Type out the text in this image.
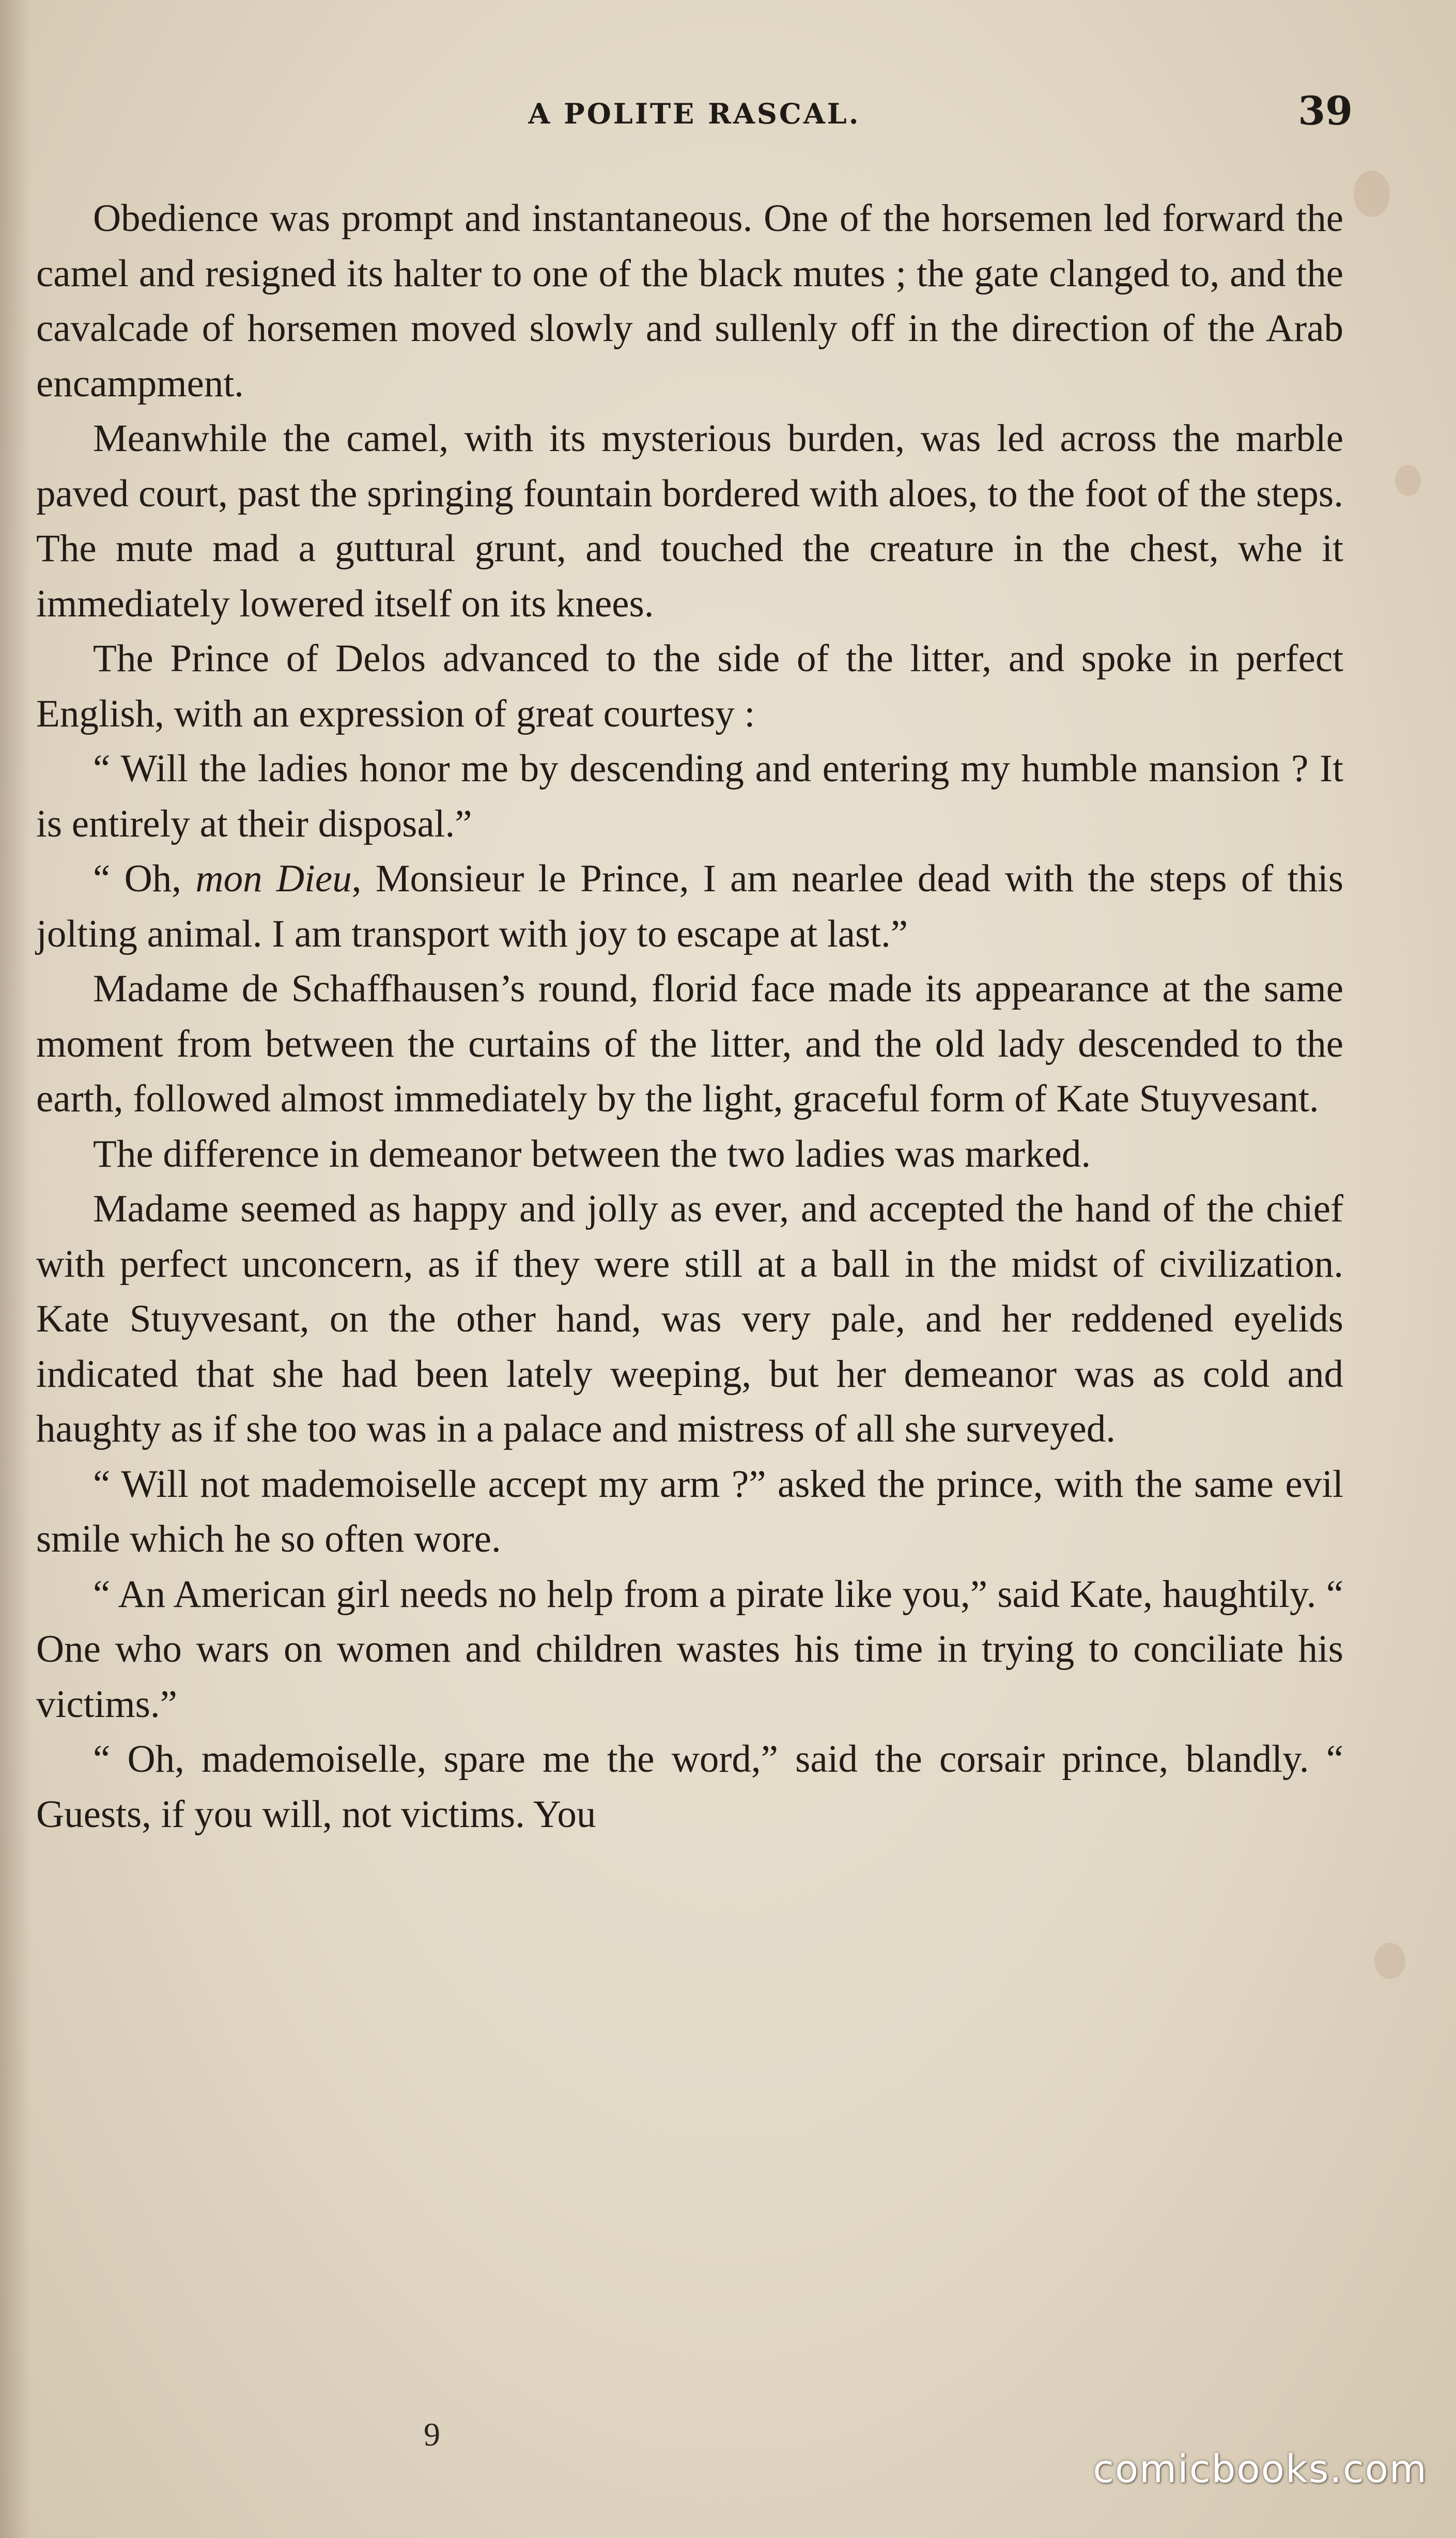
A POLITE RASCAL.	39

Obedience was prompt and instantaneous. One of the horsemen led forward the camel and resigned its halter to one of the black mutes ; the gate clanged to, and the cavalcade of horsemen moved slowly and sullenly off in the direction of the Arab encampment.

Meanwhile the camel, with its mysterious burden, was led across the marble paved court, past the springing fountain bordered with aloes, to the foot of the steps. The mute mad a guttural grunt, and touched the creature in the chest, whe it immediately lowered itself on its knees.

The Prince of Delos advanced to the side of the litter, and spoke in perfect English, with an expression of great courtesy :

“ Will the ladies honor me by descending and entering my humble mansion ? It is entirely at their disposal.”

“ Oh, mon Dieu, Monsieur le Prince, I am nearlee dead with the steps of this jolting animal. I am transport with joy to escape at last.”

Madame de Schaffhausen’s round, florid face made its appearance at the same moment from between the curtains of the litter, and the old lady descended to the earth, followed almost immediately by the light, graceful form of Kate Stuyvesant.

The difference in demeanor between the two ladies was marked.

Madame seemed as happy and jolly as ever, and accepted the hand of the chief with perfect unconcern, as if they were still at a ball in the midst of civilization. Kate Stuyvesant, on the other hand, was very pale, and her reddened eyelids indicated that she had been lately weeping, but her demeanor was as cold and haughty as if she too was in a palace and mistress of all she surveyed.

“ Will not mademoiselle accept my arm ?” asked the prince, with the same evil smile which he so often wore.

“ An American girl needs no help from a pirate like you,” said Kate, haughtily. “ One who wars on women and children wastes his time in trying to conciliate his victims.”

“ Oh, mademoiselle, spare me the word,” said the corsair prince, blandly. “ Guests, if you will, not victims. You

9
comicbooks.com
